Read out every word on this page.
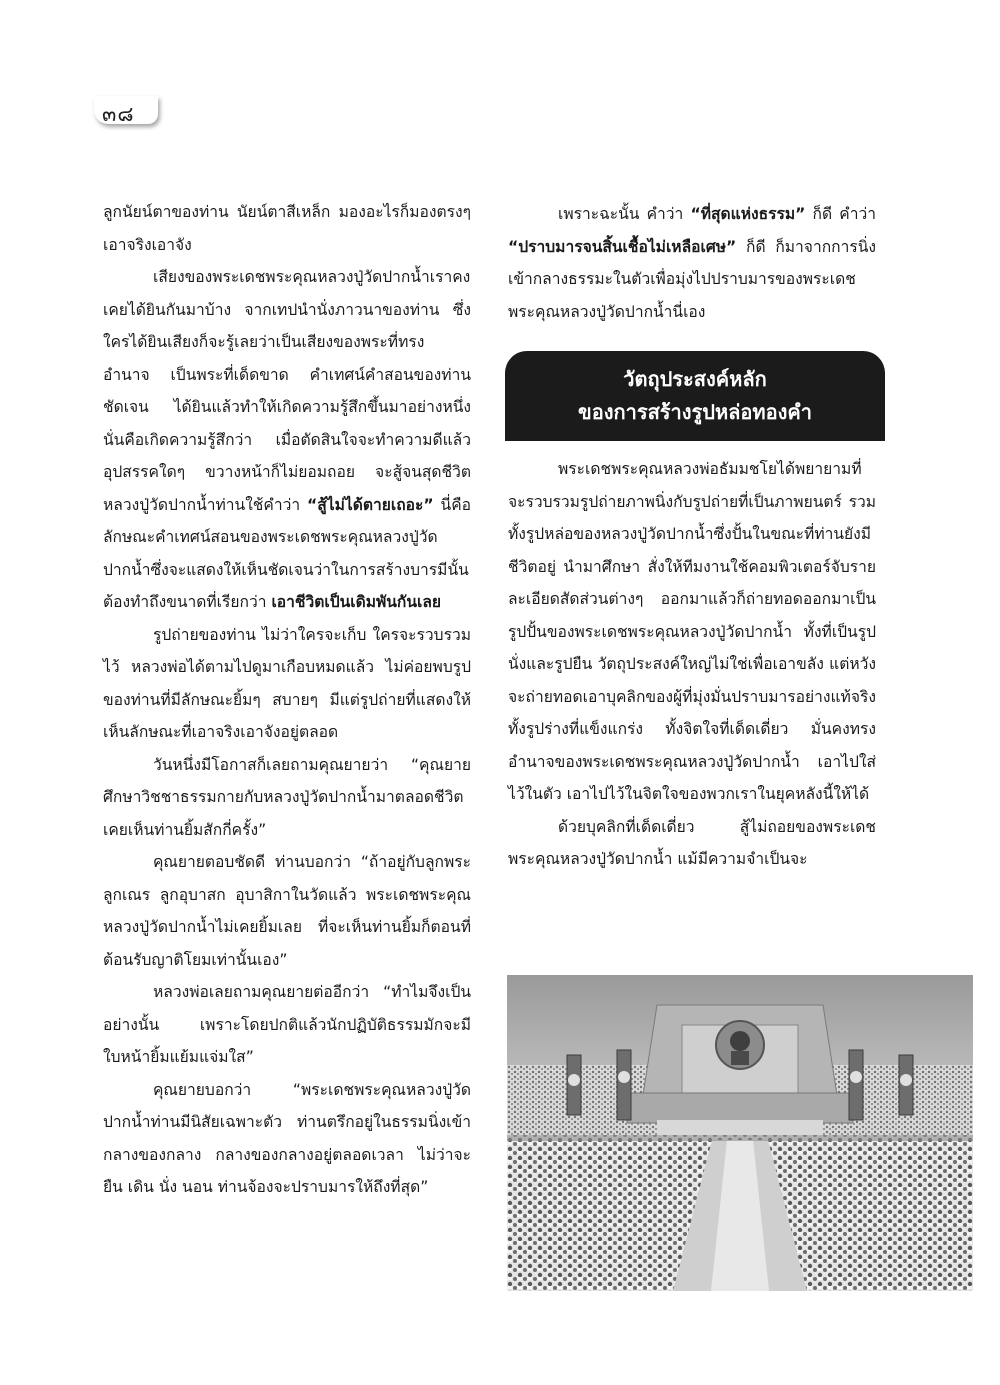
๓๘

ลูกนัยน์ตาของท่าน นัยน์ตาสีเหล็ก มองอะไรก็มองตรงๆ เอาจริงเอาจัง

เสียงของพระเดชพระคุณหลวงปู่วัดปากน้ำเราคงเคยได้ยินกันมาบ้าง จากเทปนำนั่งภาวนาของท่าน ซึ่งใครได้ยินเสียงก็จะรู้เลยว่าเป็นเสียงของพระที่ทรงอำนาจ เป็นพระที่เด็ดขาด คำเทศน์คำสอนของท่านชัดเจน ได้ยินแล้วทำให้เกิดความรู้สึกขึ้นมาอย่างหนึ่ง นั่นคือเกิดความรู้สึกว่า เมื่อตัดสินใจจะทำความดีแล้ว อุปสรรคใดๆ ขวางหน้าก็ไม่ยอมถอย จะสู้จนสุดชีวิต หลวงปู่วัดปากน้ำท่านใช้คำว่า “สู้ไม่ได้ตายเถอะ” นี่คือลักษณะคำเทศน์สอนของพระเดชพระคุณหลวงปู่วัดปากน้ำซึ่งจะแสดงให้เห็นชัดเจนว่าในการสร้างบารมีนั้นต้องทำถึงขนาดที่เรียกว่า เอาชีวิตเป็นเดิมพันกันเลย

รูปถ่ายของท่าน ไม่ว่าใครจะเก็บ ใครจะรวบรวมไว้ หลวงพ่อได้ตามไปดูมาเกือบหมดแล้ว ไม่ค่อยพบรูปของท่านที่มีลักษณะยิ้มๆ สบายๆ มีแต่รูปถ่ายที่แสดงให้เห็นลักษณะที่เอาจริงเอาจังอยู่ตลอด

วันหนึ่งมีโอกาสก็เลยถามคุณยายว่า “คุณยายศึกษาวิชชาธรรมกายกับหลวงปู่วัดปากน้ำมาตลอดชีวิต เคยเห็นท่านยิ้มสักกี่ครั้ง”

คุณยายตอบชัดดี ท่านบอกว่า “ถ้าอยู่กับลูกพระ ลูกเณร ลูกอุบาสก อุบาสิกาในวัดแล้ว พระเดชพระคุณหลวงปู่วัดปากน้ำไม่เคยยิ้มเลย ที่จะเห็นท่านยิ้มก็ตอนที่ต้อนรับญาติโยมเท่านั้นเอง”

หลวงพ่อเลยถามคุณยายต่ออีกว่า “ทำไมจึงเป็นอย่างนั้น เพราะโดยปกติแล้วนักปฏิบัติธรรมมักจะมีใบหน้ายิ้มแย้มแจ่มใส”

คุณยายบอกว่า “พระเดชพระคุณหลวงปู่วัดปากน้ำท่านมีนิสัยเฉพาะตัว ท่านตรึกอยู่ในธรรมนิ่งเข้ากลางของกลาง กลางของกลางอยู่ตลอดเวลา ไม่ว่าจะยืน เดิน นั่ง นอน ท่านจ้องจะปราบมารให้ถึงที่สุด”

เพราะฉะนั้น คำว่า “ที่สุดแห่งธรรม” ก็ดี คำว่า “ปราบมารจนสิ้นเชื้อไม่เหลือเศษ” ก็ดี ก็มาจากการนิ่งเข้ากลางธรรมะในตัวเพื่อมุ่งไปปราบมารของพระเดชพระคุณหลวงปู่วัดปากน้ำนี่เอง

วัตถุประสงค์หลัก
ของการสร้างรูปหล่อทองคำ

พระเดชพระคุณหลวงพ่อธัมมชโยได้พยายามที่จะรวบรวมรูปถ่ายภาพนิ่งกับรูปถ่ายที่เป็นภาพยนตร์ รวมทั้งรูปหล่อของหลวงปู่วัดปากน้ำซึ่งปั้นในขณะที่ท่านยังมีชีวิตอยู่ นำมาศึกษา สั่งให้ทีมงานใช้คอมพิวเตอร์จับรายละเอียดสัดส่วนต่างๆ ออกมาแล้วก็ถ่ายทอดออกมาเป็นรูปปั้นของพระเดชพระคุณหลวงปู่วัดปากน้ำ ทั้งที่เป็นรูปนั่งและรูปยืน วัตถุประสงค์ใหญ่ไม่ใช่เพื่อเอาขลัง แต่หวังจะถ่ายทอดเอาบุคลิกของผู้ที่มุ่งมั่นปราบมารอย่างแท้จริง ทั้งรูปร่างที่แข็งแกร่ง ทั้งจิตใจที่เด็ดเดี่ยว มั่นคงทรงอำนาจของพระเดชพระคุณหลวงปู่วัดปากน้ำ เอาไปใส่ไว้ในตัว เอาไปไว้ในจิตใจของพวกเราในยุคหลังนี้ให้ได้

ด้วยบุคลิกที่เด็ดเดี่ยว สู้ไม่ถอยของพระเดชพระคุณหลวงปู่วัดปากน้ำ แม้มีความจำเป็นจะ
